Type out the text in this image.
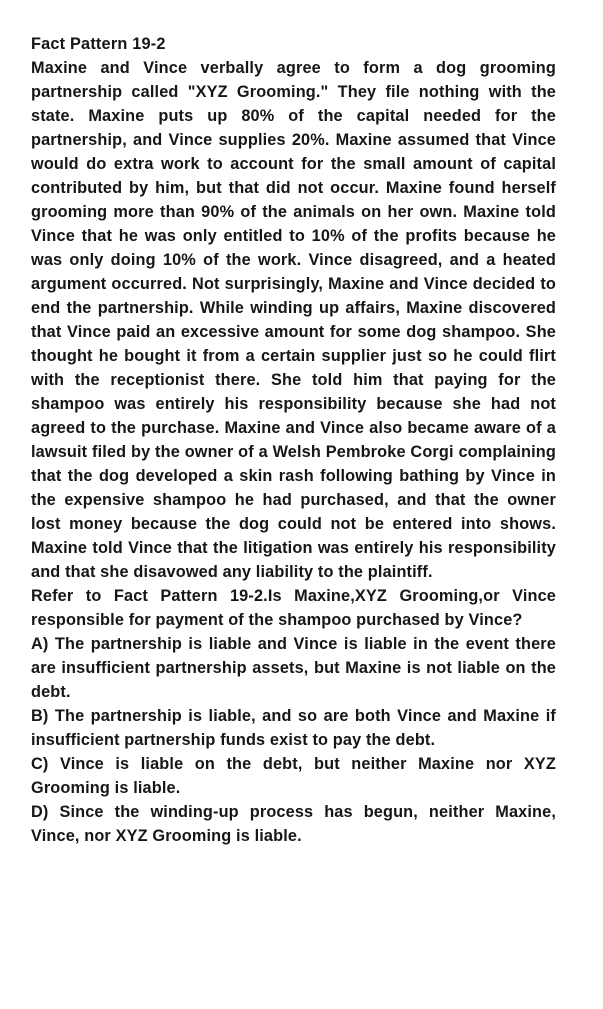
Fact Pattern 19-2

Maxine and Vince verbally agree to form a dog grooming partnership called "XYZ Grooming." They file nothing with the state. Maxine puts up 80% of the capital needed for the partnership, and Vince supplies 20%. Maxine assumed that Vince would do extra work to account for the small amount of capital contributed by him, but that did not occur. Maxine found herself grooming more than 90% of the animals on her own. Maxine told Vince that he was only entitled to 10% of the profits because he was only doing 10% of the work. Vince disagreed, and a heated argument occurred. Not surprisingly, Maxine and Vince decided to end the partnership. While winding up affairs, Maxine discovered that Vince paid an excessive amount for some dog shampoo. She thought he bought it from a certain supplier just so he could flirt with the receptionist there. She told him that paying for the shampoo was entirely his responsibility because she had not agreed to the purchase. Maxine and Vince also became aware of a lawsuit filed by the owner of a Welsh Pembroke Corgi complaining that the dog developed a skin rash following bathing by Vince in the expensive shampoo he had purchased, and that the owner lost money because the dog could not be entered into shows. Maxine told Vince that the litigation was entirely his responsibility and that she disavowed any liability to the plaintiff.

Refer to Fact Pattern 19-2.Is Maxine,XYZ Grooming,or Vince responsible for payment of the shampoo purchased by Vince?

A) The partnership is liable and Vince is liable in the event there are insufficient partnership assets, but Maxine is not liable on the debt.

B) The partnership is liable, and so are both Vince and Maxine if insufficient partnership funds exist to pay the debt.

C) Vince is liable on the debt, but neither Maxine nor XYZ Grooming is liable.

D) Since the winding-up process has begun, neither Maxine, Vince, nor XYZ Grooming is liable.
